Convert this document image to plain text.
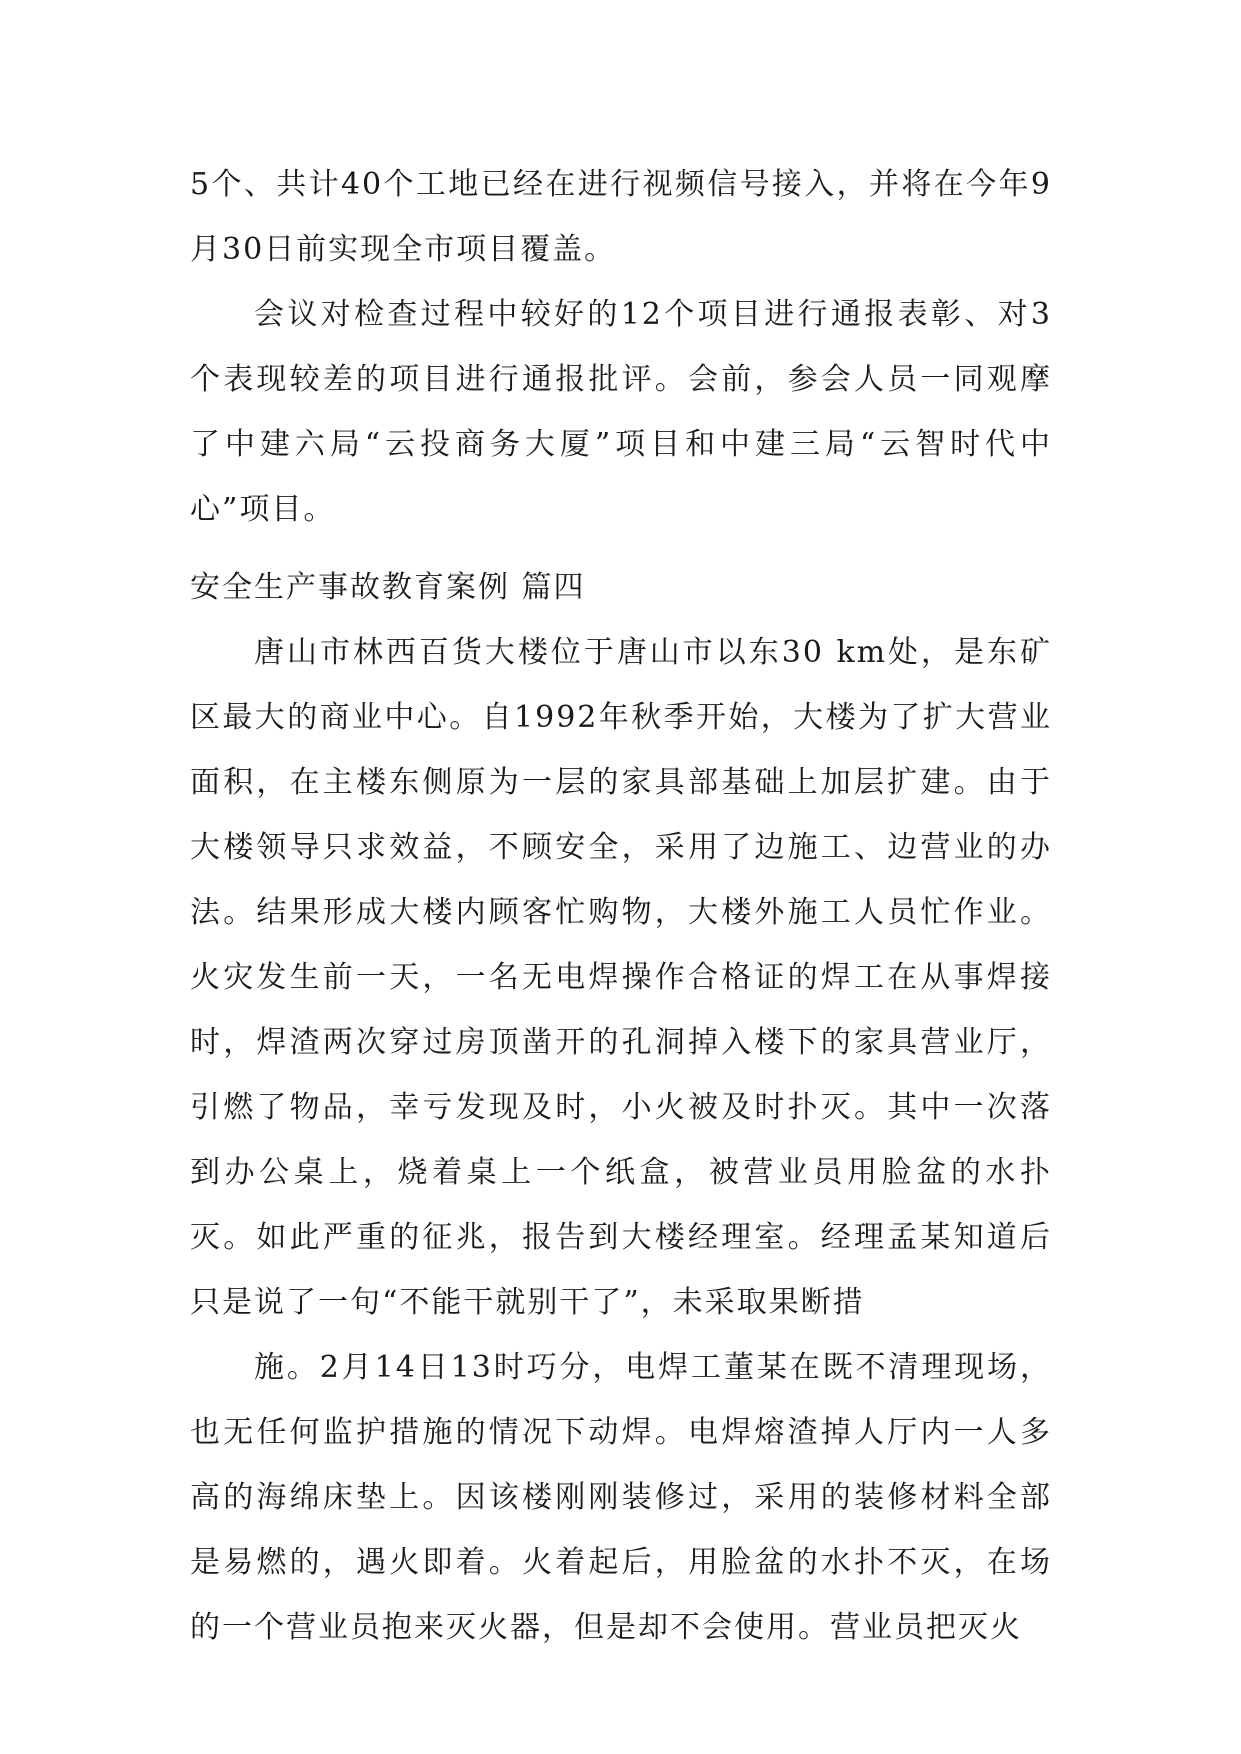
5个、共计40个工地已经在进行视频信号接入，并将在今年9月30日前实现全市项目覆盖。

会议对检查过程中较好的12个项目进行通报表彰、对3个表现较差的项目进行通报批评。会前，参会人员一同观摩了中建六局“云投商务大厦”项目和中建三局“云智时代中心”项目。

安全生产事故教育案例 篇四

唐山市林西百货大楼位于唐山市以东30 km处，是东矿区最大的商业中心。自1992年秋季开始，大楼为了扩大营业面积，在主楼东侧原为一层的家具部基础上加层扩建。由于大楼领导只求效益，不顾安全，采用了边施工、边营业的办法。结果形成大楼内顾客忙购物，大楼外施工人员忙作业。火灾发生前一天，一名无电焊操作合格证的焊工在从事焊接时，焊渣两次穿过房顶凿开的孔洞掉入楼下的家具营业厅，引燃了物品，幸亏发现及时，小火被及时扑灭。其中一次落到办公桌上，烧着桌上一个纸盒，被营业员用脸盆的水扑灭。如此严重的征兆，报告到大楼经理室。经理孟某知道后只是说了一句“不能干就别干了”，未采取果断措

施。2月14日13时巧分，电焊工董某在既不清理现场，也无任何监护措施的情况下动焊。电焊熔渣掉人厅内一人多高的海绵床垫上。因该楼刚刚装修过，采用的装修材料全部是易燃的，遇火即着。火着起后，用脸盆的水扑不灭，在场的一个营业员抱来灭火器，但是却不会使用。营业员把灭火
